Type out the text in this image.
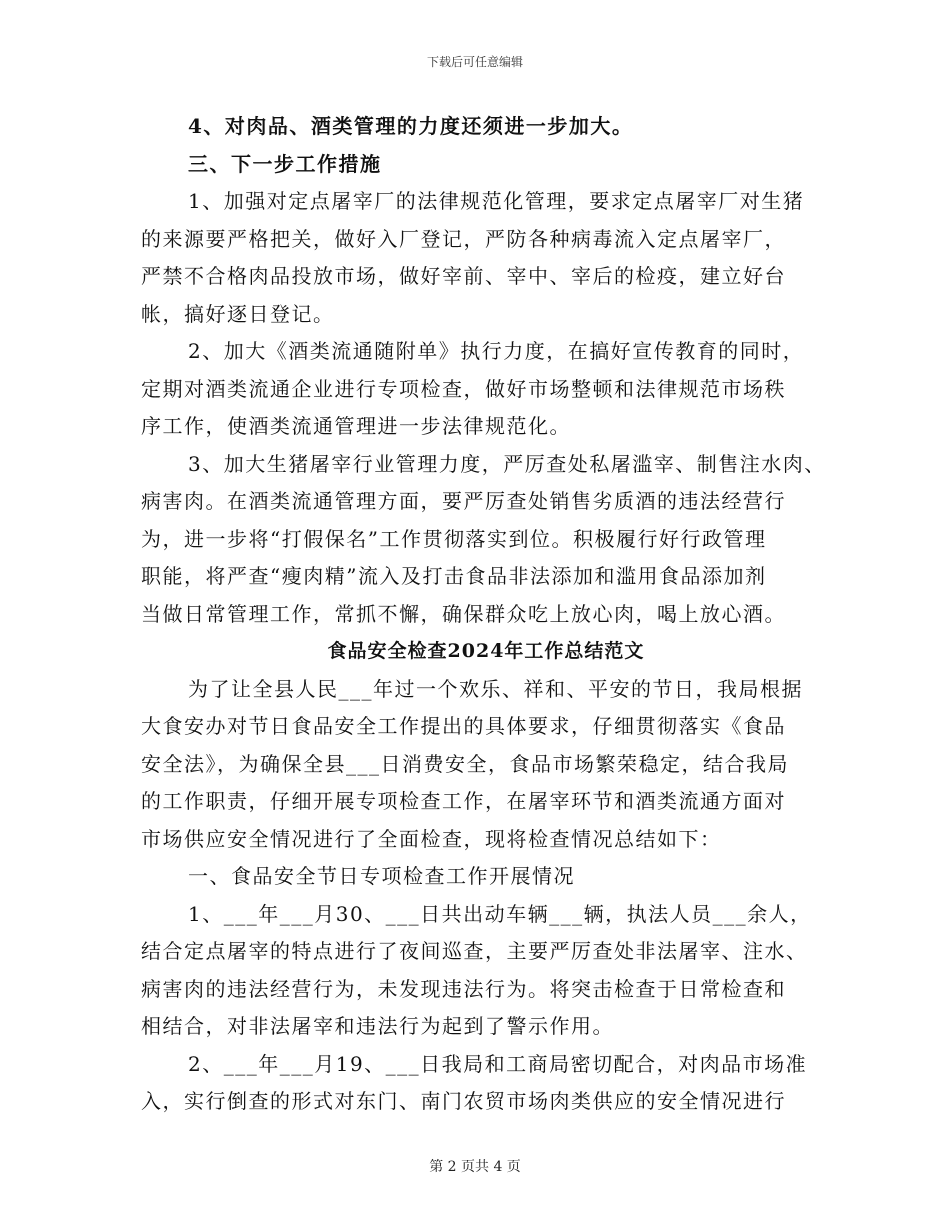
下载后可任意编辑
4、对肉品、酒类管理的力度还须进一步加大。
三、下一步工作措施
1、加强对定点屠宰厂的法律规范化管理，要求定点屠宰厂对生猪
的来源要严格把关，做好入厂登记，严防各种病毒流入定点屠宰厂，
严禁不合格肉品投放市场，做好宰前、宰中、宰后的检疫，建立好台
帐，搞好逐日登记。
2、加大《酒类流通随附单》执行力度，在搞好宣传教育的同时，
定期对酒类流通企业进行专项检查，做好市场整顿和法律规范市场秩
序工作，使酒类流通管理进一步法律规范化。
3、加大生猪屠宰行业管理力度，严厉查处私屠滥宰、制售注水肉、
病害肉。在酒类流通管理方面，要严厉查处销售劣质酒的违法经营行
为，进一步将“打假保名”工作贯彻落实到位。积极履行好行政管理
职能，将严查“瘦肉精”流入及打击食品非法添加和滥用食品添加剂
当做日常管理工作，常抓不懈，确保群众吃上放心肉，喝上放心酒。
食品安全检查2024年工作总结范文
为了让全县人民___年过一个欢乐、祥和、平安的节日，我局根据
大食安办对节日食品安全工作提出的具体要求，仔细贯彻落实《食品
安全法》，为确保全县___日消费安全，食品市场繁荣稳定，结合我局
的工作职责，仔细开展专项检查工作，在屠宰环节和酒类流通方面对
市场供应安全情况进行了全面检查，现将检查情况总结如下：
一、食品安全节日专项检查工作开展情况
1、___年___月30、___日共出动车辆___辆，执法人员___余人，
结合定点屠宰的特点进行了夜间巡查，主要严厉查处非法屠宰、注水、
病害肉的违法经营行为，未发现违法行为。将突击检查于日常检查和
相结合，对非法屠宰和违法行为起到了警示作用。
2、___年___月19、___日我局和工商局密切配合，对肉品市场准
入，实行倒查的形式对东门、南门农贸市场肉类供应的安全情况进行
第 2 页共 4 页
